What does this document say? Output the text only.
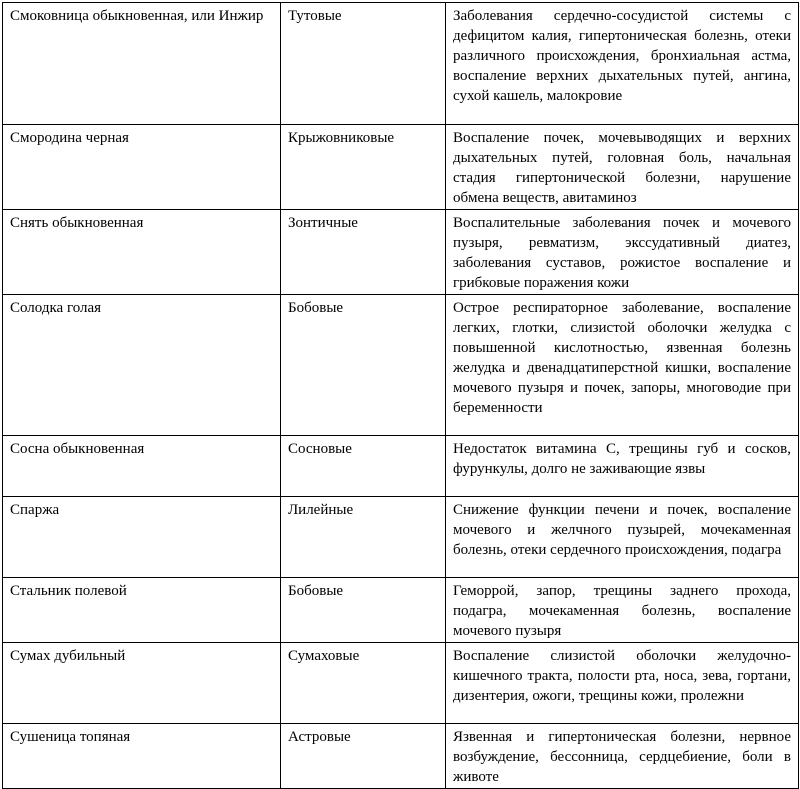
Смоковница обыкновенная, или Инжир	Тутовые	Заболевания сердечно-сосудистой системы с дефицитом калия, гипертоническая болезнь, отеки различного происхождения, бронхиальная астма, воспаление верхних дыхательных путей, ангина, сухой кашель, малокровие
Смородина черная	Крыжовниковые	Воспаление почек, мочевыводящих и верхних дыхательных путей, головная боль, начальная стадия гипертонической болезни, нарушение обмена веществ, авитаминоз
Снять обыкновенная	Зонтичные	Воспалительные заболевания почек и мочевого пузыря, ревматизм, экссудативный диатез, заболевания суставов, рожистое воспаление и грибковые поражения кожи
Солодка голая	Бобовые	Острое респираторное заболевание, воспаление легких, глотки, слизистой оболочки желудка с повышенной кислотностью, язвенная болезнь желудка и двенадцатиперстной кишки, воспаление мочевого пузыря и почек, запоры, многоводие при беременности
Сосна обыкновенная	Сосновые	Недостаток витамина С, трещины губ и сосков, фурункулы, долго не заживающие язвы
Спаржа	Лилейные	Снижение функции печени и почек, воспаление мочевого и желчного пузырей, мочекаменная болезнь, отеки сердечного происхождения, подагра
Стальник полевой	Бобовые	Геморрой, запор, трещины заднего прохода, подагра, мочекаменная болезнь, воспаление мочевого пузыря
Сумах дубильный	Сумаховые	Воспаление слизистой оболочки желудочно-кишечного тракта, полости рта, носа, зева, гортани, дизентерия, ожоги, трещины кожи, пролежни
Сушеница топяная	Астровые	Язвенная и гипертоническая болезни, нервное возбуждение, бессонница, сердцебиение, боли в животе
